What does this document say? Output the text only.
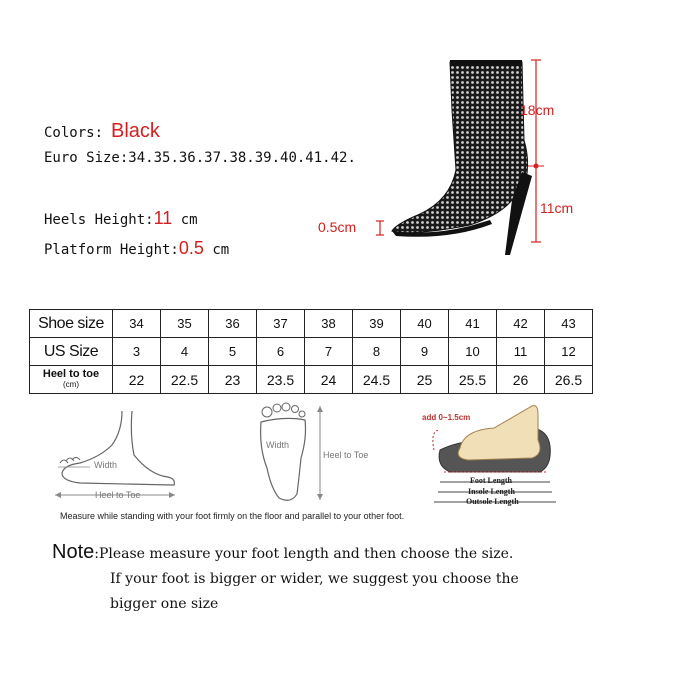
Colors: Black
Euro Size:34.35.36.37.38.39.40.41.42.
Heels Height:11 cm
Platform Height:0.5 cm
18cm
11cm
0.5cm
Shoe size	34	35	36	37	38	39	40	41	42	43
US Size	3	4	5	6	7	8	9	10	11	12
Heel to toe
(cm)	22	22.5	23	23.5	24	24.5	25	25.5	26	26.5
Width
Heel to Toe
Width
Heel to Toe
add 0~1.5cm
Foot Length
Insole Length
Outsole Length
Measure while standing with your foot firmly on the floor and parallel to your other foot.
Note:Please measure your foot length and then choose the size.
If your foot is bigger or wider, we suggest you choose the
bigger one size
